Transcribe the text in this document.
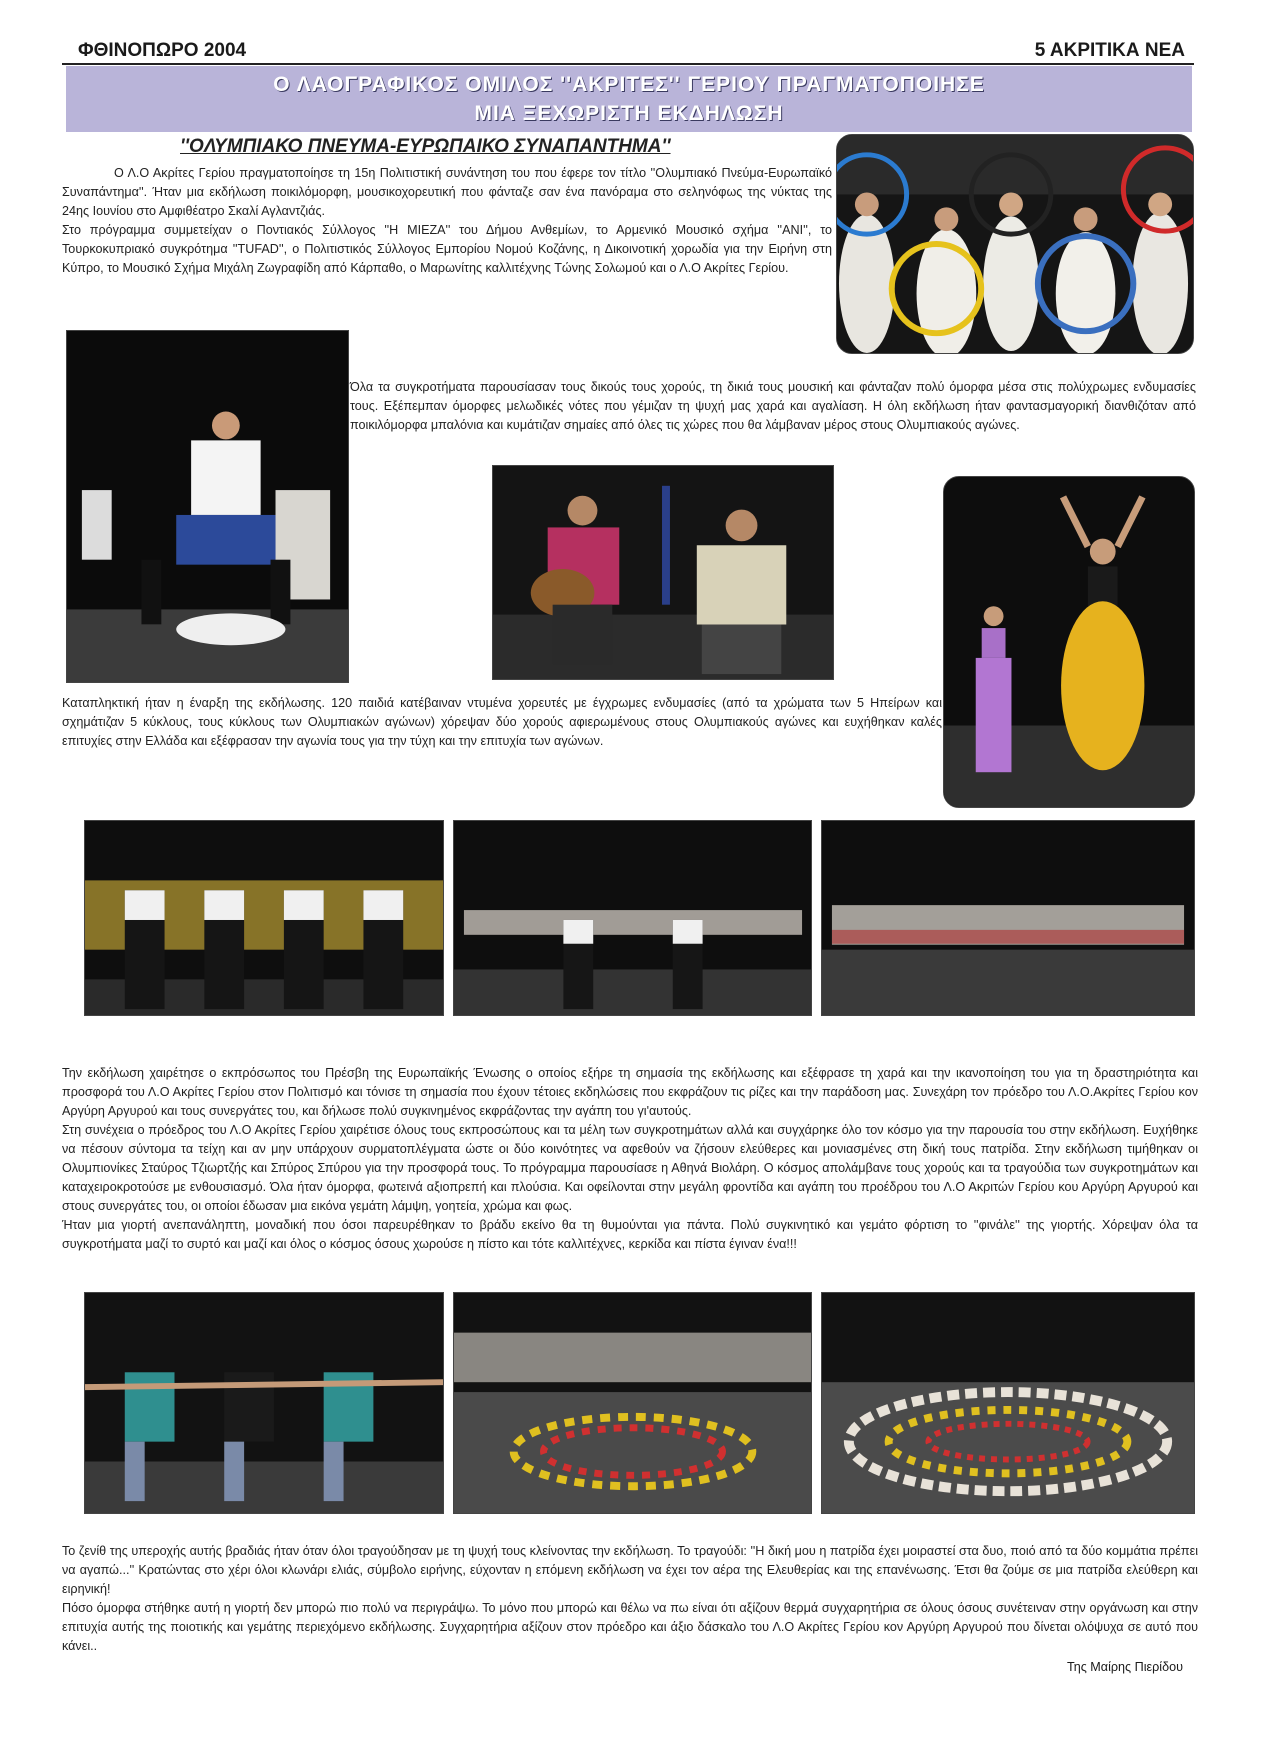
ΦΘΙΝΟΠΩΡΟ 2004	5 ΑΚΡΙΤΙΚΑ ΝΕΑ
Ο ΛΑΟΓΡΑΦΙΚΟΣ ΟΜΙΛΟΣ ''ΑΚΡΙΤΕΣ'' ΓΕΡΙΟΥ ΠΡΑΓΜΑΤΟΠΟΙΗΣΕ
ΜΙΑ ΞΕΧΩΡΙΣΤΗ ΕΚΔΗΛΩΣΗ
''ΟΛΥΜΠΙΑΚΟ ΠΝΕΥΜΑ-ΕΥΡΩΠΑΙΚΟ ΣΥΝΑΠΑΝΤΗΜΑ''
Ο Λ.Ο Ακρίτες Γερίου πραγματοποίησε τη 15η Πολιτιστική συνάντηση του που έφερε τον τίτλο ''Ολυμπιακό Πνεύμα-Ευρωπαϊκό Συναπάντημα''. Ήταν μια εκδήλωση ποικιλόμορφη, μουσικοχορευτική που φάνταζε σαν ένα πανόραμα στο σεληνόφως της νύκτας της 24ης Ιουνίου στο Αμφιθέατρο Σκαλί Αγλαντζιάς.
Στο πρόγραμμα συμμετείχαν ο Ποντιακός Σύλλογος ''Η ΜΙΕΖΑ'' του Δήμου Ανθεμίων, το Αρμενικό Μουσικό σχήμα ''ΑΝΙ'', το Τουρκοκυπριακό συγκρότημα ''TUFAD'', ο Πολιτιστικός Σύλλογος Εμπορίου Νομού Κοζάνης, η Δικοινοτική χορωδία για την Ειρήνη στη Κύπρο, το Μουσικό Σχήμα Μιχάλη Ζωγραφίδη από Κάρπαθο, ο Μαρωνίτης καλλιτέχνης Τώνης Σολωμού και ο Λ.Ο Ακρίτες Γερίου.
Όλα τα συγκροτήματα παρουσίασαν τους δικούς τους χορούς, τη δικιά τους μουσική και φάνταζαν πολύ όμορφα μέσα στις πολύχρωμες ενδυμασίες τους. Εξέπεμπαν όμορφες μελωδικές νότες που γέμιζαν τη ψυχή μας χαρά και αγαλίαση. Η όλη εκδήλωση ήταν φαντασμαγορική διανθιζόταν από ποικιλόμορφα μπαλόνια και κυμάτιζαν σημαίες από όλες τις χώρες που θα λάμβαναν μέρος στους Ολυμπιακούς αγώνες.
Καταπληκτική ήταν η έναρξη της εκδήλωσης. 120 παιδιά κατέβαιναν ντυμένα χορευτές με έγχρωμες ενδυμασίες (από τα χρώματα των 5 Ηπείρων και σχημάτιζαν 5 κύκλους, τους κύκλους των Ολυμπιακών αγώνων) χόρεψαν δύο χορούς αφιερωμένους στους Ολυμπιακούς αγώνες και ευχήθηκαν καλές επιτυχίες στην Ελλάδα και εξέφρασαν την αγωνία τους για την τύχη και την επιτυχία των αγώνων.
Την εκδήλωση χαιρέτησε ο εκπρόσωπος του Πρέσβη της Ευρωπαϊκής Ένωσης ο οποίος εξήρε τη σημασία της εκδήλωσης και εξέφρασε τη χαρά και την ικανοποίηση του για τη δραστηριότητα και προσφορά του Λ.Ο Ακρίτες Γερίου στον Πολιτισμό και τόνισε τη σημασία που έχουν τέτοιες εκδηλώσεις που εκφράζουν τις ρίζες και την παράδοση μας. Συνεχάρη τον πρόεδρο του Λ.Ο.Ακρίτες Γερίου κον Αργύρη Αργυρού και τους συνεργάτες του, και δήλωσε πολύ συγκινημένος εκφράζοντας την αγάπη του γι'αυτούς.
Στη συνέχεια ο πρόεδρος του Λ.Ο Ακρίτες Γερίου χαιρέτισε όλους τους εκπροσώπους και τα μέλη των συγκροτημάτων αλλά και συγχάρηκε όλο τον κόσμο για την παρουσία του στην εκδήλωση. Ευχήθηκε να πέσουν σύντομα τα τείχη και αν μην υπάρχουν συρματοπλέγματα ώστε οι δύο κοινότητες να αφεθούν να ζήσουν ελεύθερες και μονιασμένες στη δική τους πατρίδα. Στην εκδήλωση τιμήθηκαν οι Ολυμπιονίκες Σταύρος Τζιωρτζής και Σπύρος Σπύρου για την προσφορά τους. Το πρόγραμμα παρουσίασε η Αθηνά Βιολάρη. Ο κόσμος απολάμβανε τους χορούς και τα τραγούδια των συγκροτημάτων και καταχειροκροτούσε με ενθουσιασμό. Όλα ήταν όμορφα, φωτεινά αξιοπρεπή και πλούσια. Και οφείλονται στην μεγάλη φροντίδα και αγάπη του προέδρου του Λ.Ο Ακριτών Γερίου κου Αργύρη Αργυρού και στους συνεργάτες του, οι οποίοι έδωσαν μια εικόνα γεμάτη λάμψη, γοητεία, χρώμα και φως.
Ήταν μια γιορτή ανεπανάληπτη, μοναδική που όσοι παρευρέθηκαν το βράδυ εκείνο θα τη θυμούνται για πάντα. Πολύ συγκινητικό και γεμάτο φόρτιση το ''φινάλε'' της γιορτής. Χόρεψαν όλα τα συγκροτήματα μαζί το συρτό και μαζί και όλος ο κόσμος όσους χωρούσε η πίστο και τότε καλλιτέχνες, κερκίδα και πίστα έγιναν ένα!!!
Το ζενίθ της υπεροχής αυτής βραδιάς ήταν όταν όλοι τραγούδησαν με τη ψυχή τους κλείνοντας την εκδήλωση. Το τραγούδι: ''Η δική μου η πατρίδα έχει μοιραστεί στα δυο, ποιό από τα δύο κομμάτια πρέπει να αγαπώ...'' Κρατώντας στο χέρι όλοι κλωνάρι ελιάς, σύμβολο ειρήνης, εύχονταν η επόμενη εκδήλωση να έχει τον αέρα της Ελευθερίας και της επανένωσης. Έτσι θα ζούμε σε μια πατρίδα ελεύθερη και ειρηνική!
Πόσο όμορφα στήθηκε αυτή η γιορτή δεν μπορώ πιο πολύ να περιγράψω. Το μόνο που μπορώ και θέλω να πω είναι ότι αξίζουν θερμά συγχαρητήρια σε όλους όσους συνέτειναν στην οργάνωση και στην επιτυχία αυτής της ποιοτικής και γεμάτης περιεχόμενο εκδήλωσης. Συγχαρητήρια αξίζουν στον πρόεδρο και άξιο δάσκαλο του Λ.Ο Ακρίτες Γερίου κον Αργύρη Αργυρού που δίνεται ολόψυχα σε αυτό που κάνει..
Της Μαίρης Πιερίδου
